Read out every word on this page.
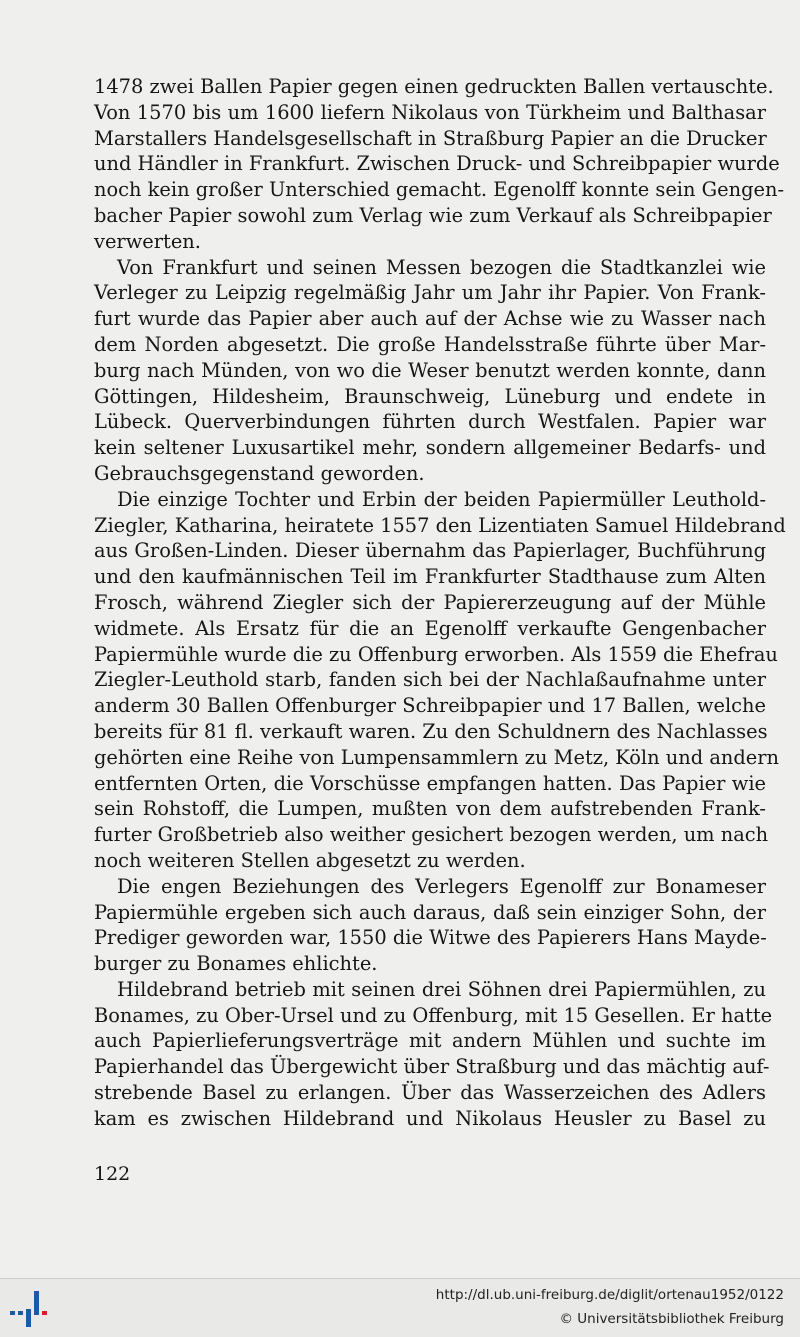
1478 zwei Ballen Papier gegen einen gedruckten Ballen vertauschte.
Von 1570 bis um 1600 liefern Nikolaus von Türkheim und Balthasar
Marstallers Handelsgesellschaft in Straßburg Papier an die Drucker
und Händler in Frankfurt. Zwischen Druck- und Schreibpapier wurde
noch kein großer Unterschied gemacht. Egenolff konnte sein Gengen-
bacher Papier sowohl zum Verlag wie zum Verkauf als Schreibpapier
verwerten.
Von Frankfurt und seinen Messen bezogen die Stadtkanzlei wie
Verleger zu Leipzig regelmäßig Jahr um Jahr ihr Papier. Von Frank-
furt wurde das Papier aber auch auf der Achse wie zu Wasser nach
dem Norden abgesetzt. Die große Handelsstraße führte über Mar-
burg nach Münden, von wo die Weser benutzt werden konnte, dann
Göttingen, Hildesheim, Braunschweig, Lüneburg und endete in
Lübeck. Querverbindungen führten durch Westfalen. Papier war
kein seltener Luxusartikel mehr, sondern allgemeiner Bedarfs- und
Gebrauchsgegenstand geworden.
Die einzige Tochter und Erbin der beiden Papiermüller Leuthold-
Ziegler, Katharina, heiratete 1557 den Lizentiaten Samuel Hildebrand
aus Großen-Linden. Dieser übernahm das Papierlager, Buchführung
und den kaufmännischen Teil im Frankfurter Stadthause zum Alten
Frosch, während Ziegler sich der Papiererzeugung auf der Mühle
widmete. Als Ersatz für die an Egenolff verkaufte Gengenbacher
Papiermühle wurde die zu Offenburg erworben. Als 1559 die Ehefrau
Ziegler-Leuthold starb, fanden sich bei der Nachlaßaufnahme unter
anderm 30 Ballen Offenburger Schreibpapier und 17 Ballen, welche
bereits für 81 fl. verkauft waren. Zu den Schuldnern des Nachlasses
gehörten eine Reihe von Lumpensammlern zu Metz, Köln und andern
entfernten Orten, die Vorschüsse empfangen hatten. Das Papier wie
sein Rohstoff, die Lumpen, mußten von dem aufstrebenden Frank-
furter Großbetrieb also weither gesichert bezogen werden, um nach
noch weiteren Stellen abgesetzt zu werden.
Die engen Beziehungen des Verlegers Egenolff zur Bonameser
Papiermühle ergeben sich auch daraus, daß sein einziger Sohn, der
Prediger geworden war, 1550 die Witwe des Papierers Hans Mayde-
burger zu Bonames ehlichte.
Hildebrand betrieb mit seinen drei Söhnen drei Papiermühlen, zu
Bonames, zu Ober-Ursel und zu Offenburg, mit 15 Gesellen. Er hatte
auch Papierlieferungsverträge mit andern Mühlen und suchte im
Papierhandel das Übergewicht über Straßburg und das mächtig auf-
strebende Basel zu erlangen. Über das Wasserzeichen des Adlers
kam es zwischen Hildebrand und Nikolaus Heusler zu Basel zu
122
http://dl.ub.uni-freiburg.de/diglit/ortenau1952/0122
© Universitätsbibliothek Freiburg
